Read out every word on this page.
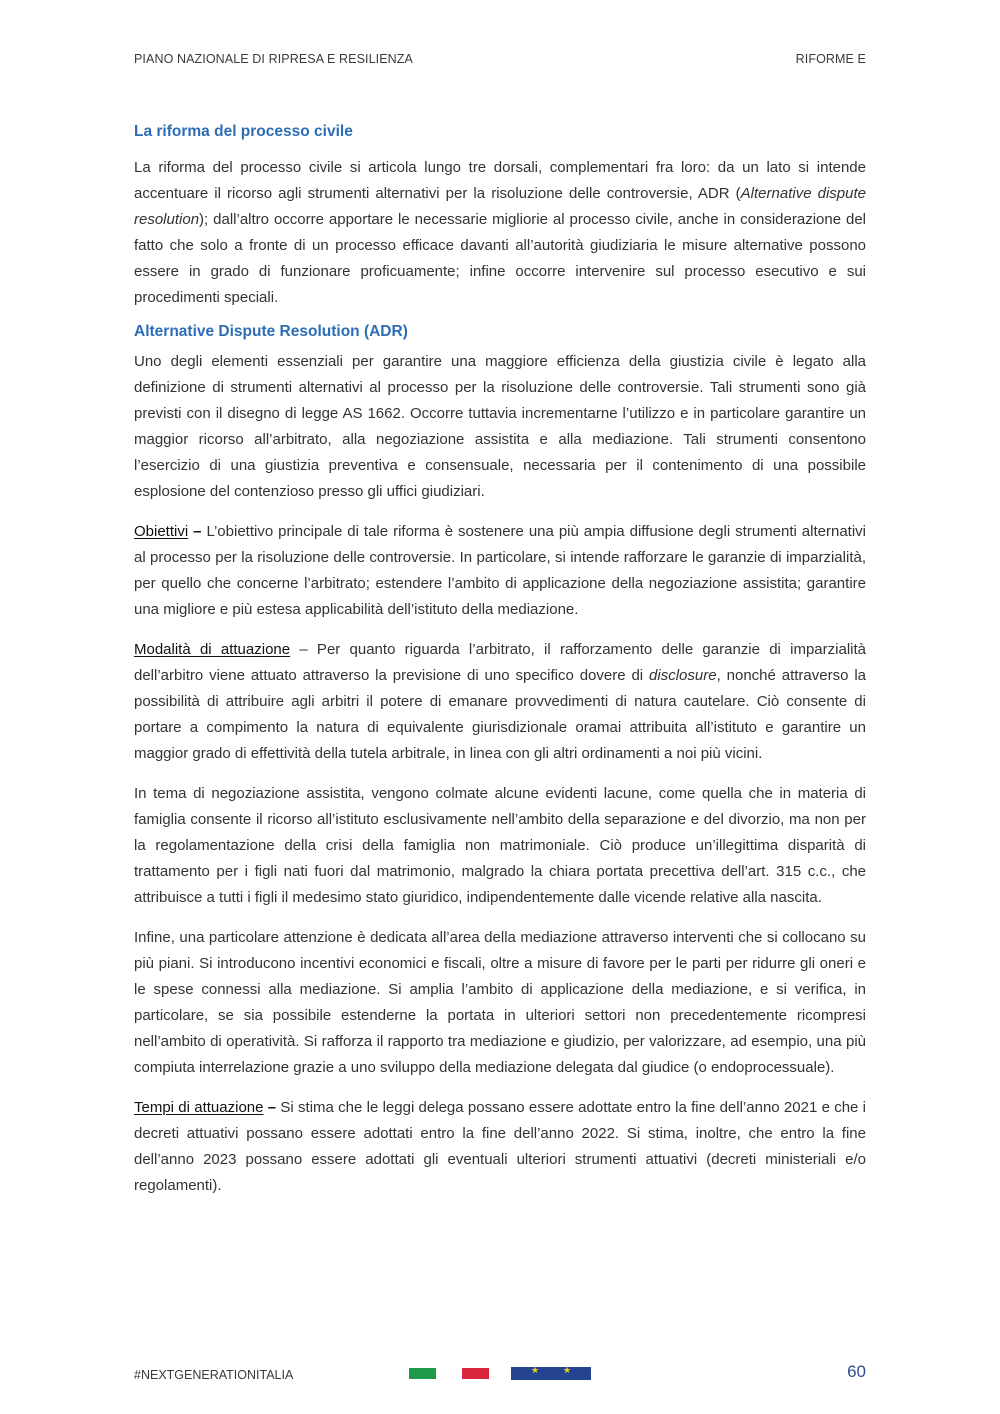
PIANO NAZIONALE DI RIPRESA E RESILIENZA	RIFORME E
La riforma del processo civile

La riforma del processo civile si articola lungo tre dorsali, complementari fra loro: da un lato si intende accentuare il ricorso agli strumenti alternativi per la risoluzione delle controversie, ADR (Alternative dispute resolution); dall’altro occorre apportare le necessarie migliorie al processo civile, anche in considerazione del fatto che solo a fronte di un processo efficace davanti all’autorità giudiziaria le misure alternative possono essere in grado di funzionare proficuamente; infine occorre intervenire sul processo esecutivo e sui procedimenti speciali.

Alternative Dispute Resolution (ADR)

Uno degli elementi essenziali per garantire una maggiore efficienza della giustizia civile è legato alla definizione di strumenti alternativi al processo per la risoluzione delle controversie. Tali strumenti sono già previsti con il disegno di legge AS 1662. Occorre tuttavia incrementarne l’utilizzo e in particolare garantire un maggior ricorso all’arbitrato, alla negoziazione assistita e alla mediazione. Tali strumenti consentono l’esercizio di una giustizia preventiva e consensuale, necessaria per il contenimento di una possibile esplosione del contenzioso presso gli uffici giudiziari.

Obiettivi – L’obiettivo principale di tale riforma è sostenere una più ampia diffusione degli strumenti alternativi al processo per la risoluzione delle controversie. In particolare, si intende rafforzare le garanzie di imparzialità, per quello che concerne l’arbitrato; estendere l’ambito di applicazione della negoziazione assistita; garantire una migliore e più estesa applicabilità dell’istituto della mediazione.

Modalità di attuazione – Per quanto riguarda l’arbitrato, il rafforzamento delle garanzie di imparzialità dell’arbitro viene attuato attraverso la previsione di uno specifico dovere di disclosure, nonché attraverso la possibilità di attribuire agli arbitri il potere di emanare provvedimenti di natura cautelare. Ciò consente di portare a compimento la natura di equivalente giurisdizionale oramai attribuita all’istituto e garantire un maggior grado di effettività della tutela arbitrale, in linea con gli altri ordinamenti a noi più vicini.

In tema di negoziazione assistita, vengono colmate alcune evidenti lacune, come quella che in materia di famiglia consente il ricorso all’istituto esclusivamente nell’ambito della separazione e del divorzio, ma non per la regolamentazione della crisi della famiglia non matrimoniale. Ciò produce un’illegittima disparità di trattamento per i figli nati fuori dal matrimonio, malgrado la chiara portata precettiva dell’art. 315 c.c., che attribuisce a tutti i figli il medesimo stato giuridico, indipendentemente dalle vicende relative alla nascita.

Infine, una particolare attenzione è dedicata all’area della mediazione attraverso interventi che si collocano su più piani. Si introducono incentivi economici e fiscali, oltre a misure di favore per le parti per ridurre gli oneri e le spese connessi alla mediazione. Si amplia l’ambito di applicazione della mediazione, e si verifica, in particolare, se sia possibile estenderne la portata in ulteriori settori non precedentemente ricompresi nell’ambito di operatività. Si rafforza il rapporto tra mediazione e giudizio, per valorizzare, ad esempio, una più compiuta interrelazione grazie a uno sviluppo della mediazione delegata dal giudice (o endoprocessuale).

Tempi di attuazione – Si stima che le leggi delega possano essere adottate entro la fine dell’anno 2021 e che i decreti attuativi possano essere adottati entro la fine dell’anno 2022. Si stima, inoltre, che entro la fine dell’anno 2023 possano essere adottati gli eventuali ulteriori strumenti attuativi (decreti ministeriali e/o regolamenti).

#NEXTGENERATIONITALIA	★	★	60
